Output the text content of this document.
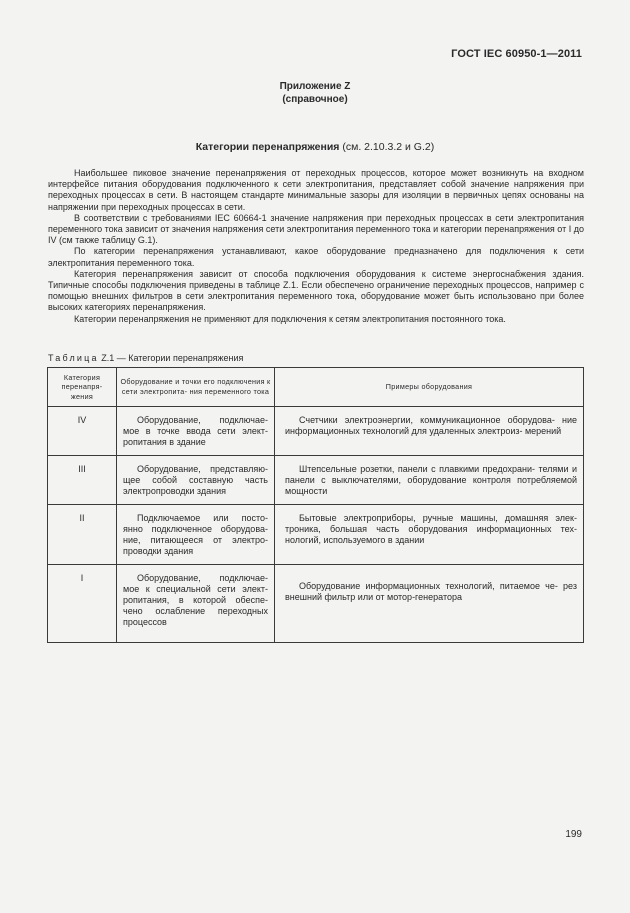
ГОСТ IEC 60950-1—2011
Приложение Z
(справочное)
Категории перенапряжения (см. 2.10.3.2 и G.2)

Наибольшее пиковое значение перенапряжения от переходных процессов, которое может возникнуть на входном интерфейсе питания оборудования подключенного к сети электропитания, представляет собой значение напряжения при переходных процессах в сети. В настоящем стандарте минимальные зазоры для изоляции в первичных цепях основаны на напряжении при переходных процессах в сети.

В соответствии с требованиями IEC 60664-1 значение напряжения при переходных процессах в сети электропитания переменного тока зависит от значения напряжения сети электропитания переменного тока и категории перенапряжения от I до IV (см также таблицу G.1).

По категории перенапряжения устанавливают, какое оборудование предназначено для подключения к сети электропитания переменного тока.

Категория перенапряжения зависит от способа подключения оборудования к системе энергоснабжения здания. Типичные способы подключения приведены в таблице Z.1. Если обеспечено ограничение переходных процессов, например с помощью внешних фильтров в сети электропитания переменного тока, оборудование может быть использовано при более высоких категориях перенапряжения.

Категории перенапряжения не применяют для подключения к сетям электропитания постоянного тока.

Таблица Z.1 — Категории перенапряжения
Категория перенапря- жения	Оборудование и точки его подключения к сети электропита- ния переменного тока	Примеры оборудования
IV	Оборудование, подключае- мое в точке ввода сети элект- ропитания в здание	Счетчики электроэнергии, коммуникационное оборудова- ние информационных технологий для удаленных электроиз- мерений

III	Оборудование, представляю- щее собой составную часть электропроводки здания	Штепсельные розетки, панели с плавкими предохрани- телями и панели с выключателями, оборудование контроля потребляемой мощности

II	Подключаемое или посто- янно подключенное оборудова- ние, питающееся от электро- проводки здания	Бытовые электроприборы, ручные машины, домашняя элек- троника, большая часть оборудования информационных тех- нологий, используемого в здании

I	Оборудование, подключае- мое к специальной сети элект- ропитания, в которой обеспе- чено ослабление переходных процессов	Оборудование информационных технологий, питаемое че- рез внешний фильтр или от мотор-генератора
199
